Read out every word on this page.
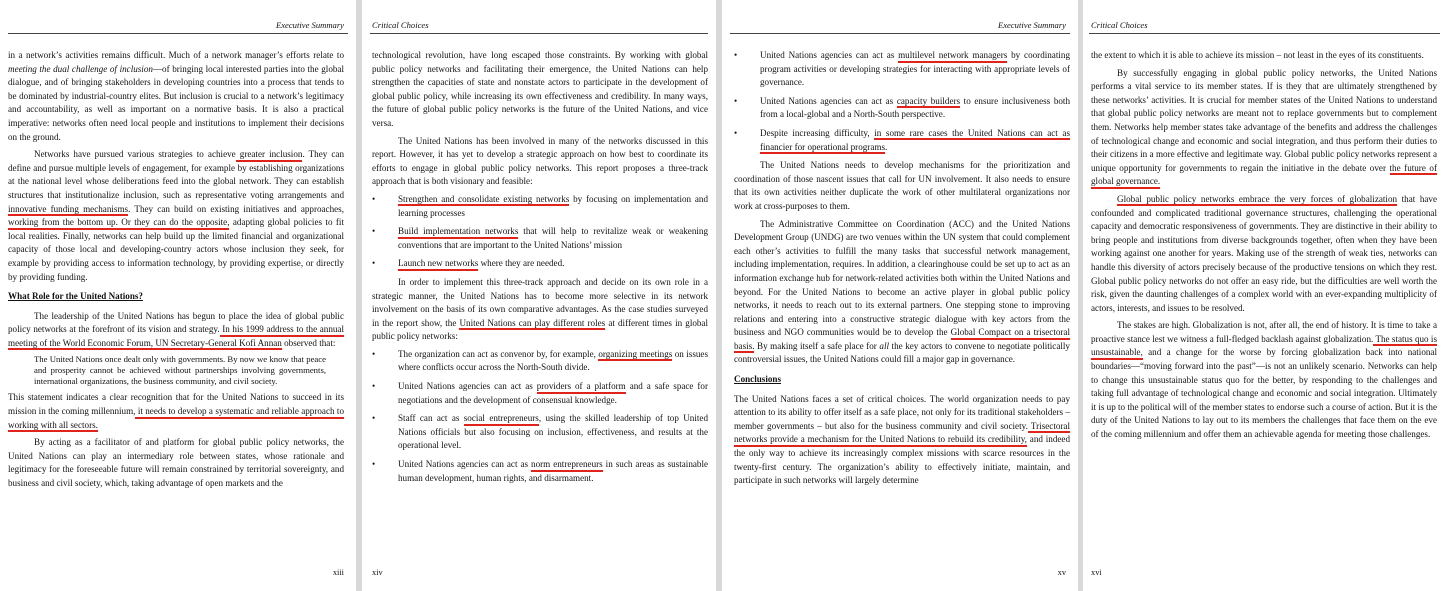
Executive Summary

in a network’s activities remains difficult. Much of a network manager’s efforts relate to meeting the dual challenge of inclusion—of bringing local interested parties into the global dialogue, and of bringing stakeholders in developing countries into a process that tends to be dominated by industrial-country elites. But inclusion is crucial to a network’s legitimacy and accountability, as well as important on a normative basis. It is also a practical imperative: networks often need local people and institutions to implement their decisions on the ground.

Networks have pursued various strategies to achieve greater inclusion. They can define and pursue multiple levels of engagement, for example by establishing organizations at the national level whose deliberations feed into the global network. They can establish structures that institutionalize inclusion, such as representative voting arrangements and innovative funding mechanisms. They can build on existing initiatives and approaches, working from the bottom up. Or they can do the opposite, adapting global policies to fit local realities. Finally, networks can help build up the limited financial and organizational capacity of those local and developing-country actors whose inclusion they seek, for example by providing access to information technology, by providing expertise, or directly by providing funding.

What Role for the United Nations?

The leadership of the United Nations has begun to place the idea of global public policy networks at the forefront of its vision and strategy. In his 1999 address to the annual meeting of the World Economic Forum, UN Secretary-General Kofi Annan observed that:

The United Nations once dealt only with governments. By now we know that peace and prosperity cannot be achieved without partnerships involving governments, international organizations, the business community, and civil society.

This statement indicates a clear recognition that for the United Nations to succeed in its mission in the coming millennium, it needs to develop a systematic and reliable approach to working with all sectors.

By acting as a facilitator of and platform for global public policy networks, the United Nations can play an intermediary role between states, whose rationale and legitimacy for the foreseeable future will remain constrained by territorial sovereignty, and business and civil society, which, taking advantage of open markets and the

xiii
Critical Choices

technological revolution, have long escaped those constraints. By working with global public policy networks and facilitating their emergence, the United Nations can help strengthen the capacities of state and nonstate actors to participate in the development of global public policy, while increasing its own effectiveness and credibility. In many ways, the future of global public policy networks is the future of the United Nations, and vice versa.

The United Nations has been involved in many of the networks discussed in this report. However, it has yet to develop a strategic approach on how best to coordinate its efforts to engage in global public policy networks. This report proposes a three-track approach that is both visionary and feasible:

• Strengthen and consolidate existing networks by focusing on implementation and learning processes

• Build implementation networks that will help to revitalize weak or weakening conventions that are important to the United Nations’ mission

• Launch new networks where they are needed.

In order to implement this three-track approach and decide on its own role in a strategic manner, the United Nations has to become more selective in its network involvement on the basis of its own comparative advantages. As the case studies surveyed in the report show, the United Nations can play different roles at different times in global public policy networks:

• The organization can act as convenor by, for example, organizing meetings on issues where conflicts occur across the North-South divide.

• United Nations agencies can act as providers of a platform and a safe space for negotiations and the development of consensual knowledge.

• Staff can act as social entrepreneurs, using the skilled leadership of top United Nations officials but also focusing on inclusion, effectiveness, and results at the operational level.

• United Nations agencies can act as norm entrepreneurs in such areas as sustainable human development, human rights, and disarmament.

xiv
Executive Summary

• United Nations agencies can act as multilevel network managers by coordinating program activities or developing strategies for interacting with appropriate levels of governance.

• United Nations agencies can act as capacity builders to ensure inclusiveness both from a local-global and a North-South perspective.

• Despite increasing difficulty, in some rare cases the United Nations can act as financier for operational programs.

The United Nations needs to develop mechanisms for the prioritization and coordination of those nascent issues that call for UN involvement. It also needs to ensure that its own activities neither duplicate the work of other multilateral organizations nor work at cross-purposes to them.

The Administrative Committee on Coordination (ACC) and the United Nations Development Group (UNDG) are two venues within the UN system that could complement each other’s activities to fulfill the many tasks that successful network management, including implementation, requires. In addition, a clearinghouse could be set up to act as an information exchange hub for network-related activities both within the United Nations and beyond. For the United Nations to become an active player in global public policy networks, it needs to reach out to its external partners. One stepping stone to improving relations and entering into a constructive strategic dialogue with key actors from the business and NGO communities would be to develop the Global Compact on a trisectoral basis. By making itself a safe place for all the key actors to convene to negotiate politically controversial issues, the United Nations could fill a major gap in governance.

Conclusions

The United Nations faces a set of critical choices. The world organization needs to pay attention to its ability to offer itself as a safe place, not only for its traditional stakeholders – member governments – but also for the business community and civil society. Trisectoral networks provide a mechanism for the United Nations to rebuild its credibility, and indeed the only way to achieve its increasingly complex missions with scarce resources in the twenty-first century. The organization’s ability to effectively initiate, maintain, and participate in such networks will largely determine

xv
Critical Choices

the extent to which it is able to achieve its mission – not least in the eyes of its constituents.

By successfully engaging in global public policy networks, the United Nations performs a vital service to its member states. If is they that are ultimately strengthened by these networks’ activities. It is crucial for member states of the United Nations to understand that global public policy networks are meant not to replace governments but to complement them. Networks help member states take advantage of the benefits and address the challenges of technological change and economic and social integration, and thus perform their duties to their citizens in a more effective and legitimate way. Global public policy networks represent a unique opportunity for governments to regain the initiative in the debate over the future of global governance.

Global public policy networks embrace the very forces of globalization that have confounded and complicated traditional governance structures, challenging the operational capacity and democratic responsiveness of governments. They are distinctive in their ability to bring people and institutions from diverse backgrounds together, often when they have been working against one another for years. Making use of the strength of weak ties, networks can handle this diversity of actors precisely because of the productive tensions on which they rest. Global public policy networks do not offer an easy ride, but the difficulties are well worth the risk, given the daunting challenges of a complex world with an ever-expanding multiplicity of actors, interests, and issues to be resolved.

The stakes are high. Globalization is not, after all, the end of history. It is time to take a proactive stance lest we witness a full-fledged backlash against globalization. The status quo is unsustainable, and a change for the worse by forcing globalization back into national boundaries—“moving forward into the past”—is not an unlikely scenario. Networks can help to change this unsustainable status quo for the better, by responding to the challenges and taking full advantage of technological change and economic and social integration. Ultimately it is up to the political will of the member states to endorse such a course of action. But it is the duty of the United Nations to lay out to its members the challenges that face them on the eve of the coming millennium and offer them an achievable agenda for meeting those challenges.

xvi
